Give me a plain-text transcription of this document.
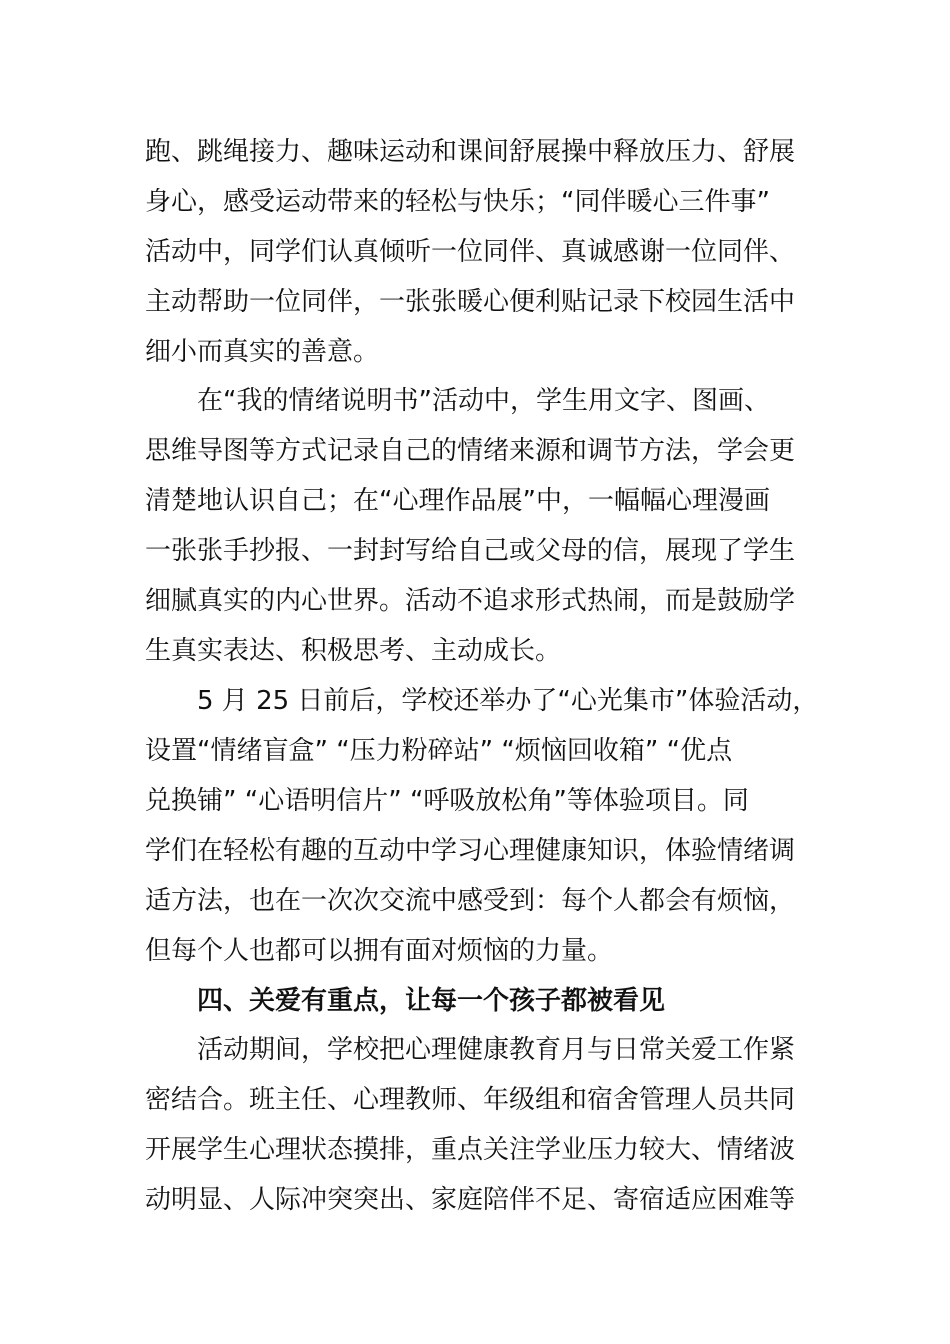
跑、跳绳接力、趣味运动和课间舒展操中释放压力、舒展
身心，感受运动带来的轻松与快乐；“同伴暖心三件事”
活动中，同学们认真倾听一位同伴、真诚感谢一位同伴、
主动帮助一位同伴，一张张暖心便利贴记录下校园生活中
细小而真实的善意。
在“我的情绪说明书”活动中，学生用文字、图画、
思维导图等方式记录自己的情绪来源和调节方法，学会更
清楚地认识自己；在“心理作品展”中，一幅幅心理漫画
一张张手抄报、一封封写给自己或父母的信，展现了学生
细腻真实的内心世界。活动不追求形式热闹，而是鼓励学
生真实表达、积极思考、主动成长。
5 月 25 日前后，学校还举办了“心光集市”体验活动，
设置“情绪盲盒” “压力粉碎站” “烦恼回收箱” “优点
兑换铺” “心语明信片” “呼吸放松角”等体验项目。同
学们在轻松有趣的互动中学习心理健康知识，体验情绪调
适方法，也在一次次交流中感受到：每个人都会有烦恼，
但每个人也都可以拥有面对烦恼的力量。
四、关爱有重点，让每一个孩子都被看见
活动期间，学校把心理健康教育月与日常关爱工作紧
密结合。班主任、心理教师、年级组和宿舍管理人员共同
开展学生心理状态摸排，重点关注学业压力较大、情绪波
动明显、人际冲突突出、家庭陪伴不足、寄宿适应困难等
